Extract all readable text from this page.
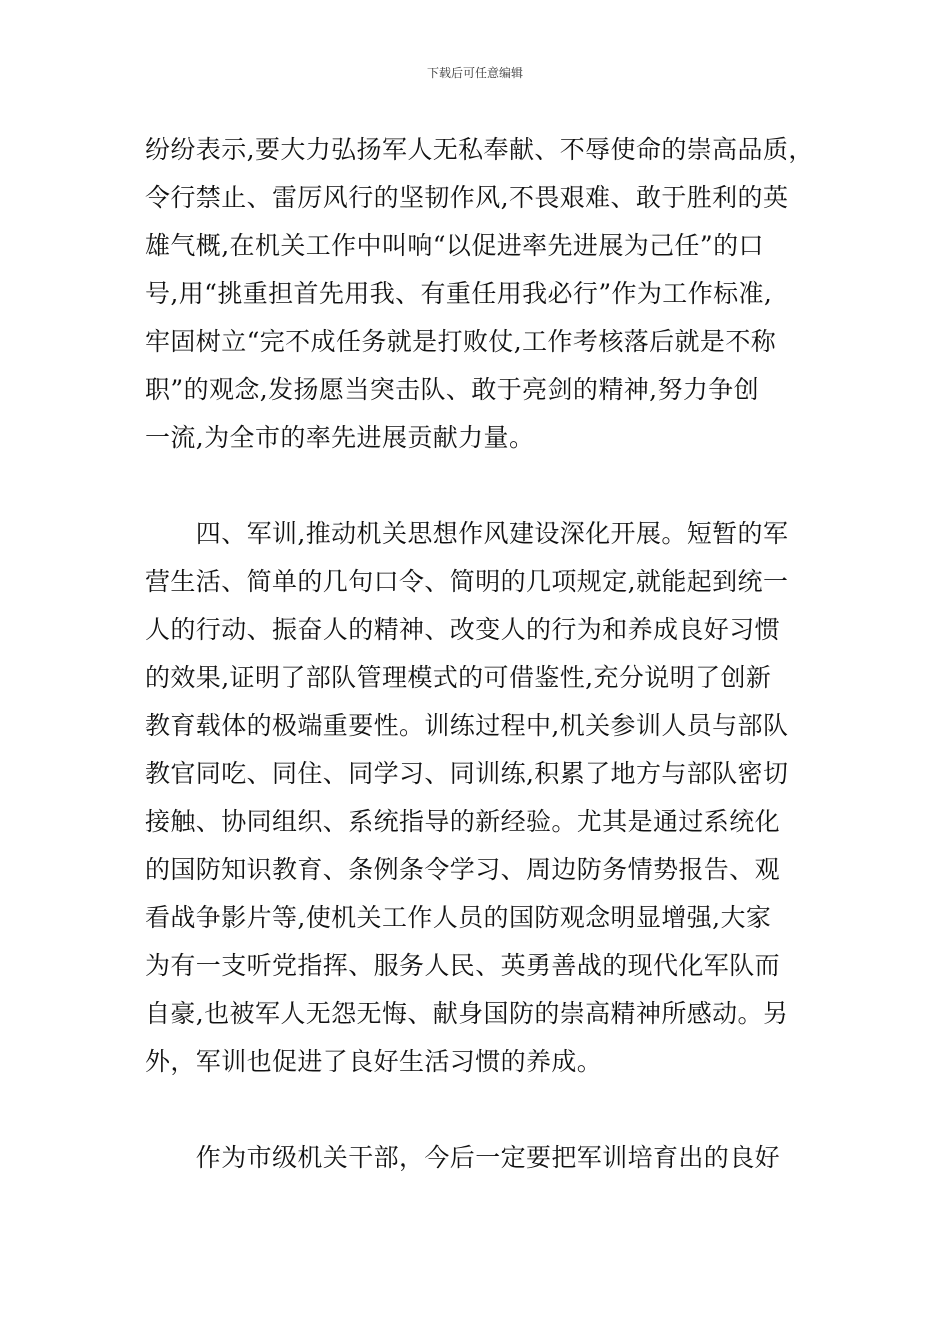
下载后可任意编辑
纷纷表示,要大力弘扬军人无私奉献、不辱使命的崇高品质，
令行禁止、雷厉风行的坚韧作风,不畏艰难、敢于胜利的英
雄气概,在机关工作中叫响“以促进率先进展为己任”的口
号,用“挑重担首先用我、有重任用我必行”作为工作标准,
牢固树立“完不成任务就是打败仗,工作考核落后就是不称
职”的观念,发扬愿当突击队、敢于亮剑的精神,努力争创
一流,为全市的率先进展贡献力量。
　　四、军训,推动机关思想作风建设深化开展。短暂的军
营生活、简单的几句口令、简明的几项规定,就能起到统一
人的行动、振奋人的精神、改变人的行为和养成良好习惯
的效果,证明了部队管理模式的可借鉴性,充分说明了创新
教育载体的极端重要性。训练过程中,机关参训人员与部队
教官同吃、同住、同学习、同训练,积累了地方与部队密切
接触、协同组织、系统指导的新经验。尤其是通过系统化
的国防知识教育、条例条令学习、周边防务情势报告、观
看战争影片等,使机关工作人员的国防观念明显增强,大家
为有一支听党指挥、服务人民、英勇善战的现代化军队而
自豪,也被军人无怨无悔、献身国防的崇高精神所感动。另
外，军训也促进了良好生活习惯的养成。
　　作为市级机关干部，今后一定要把军训培育出的良好
